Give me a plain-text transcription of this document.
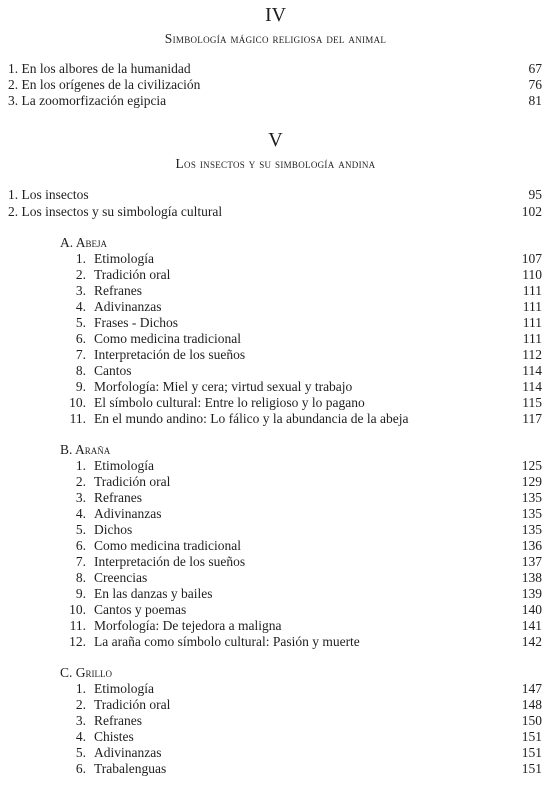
IV
Simbología mágico religiosa del animal
1. En los albores de la humanidad	67
2. En los orígenes de la civilización	76
3. La zoomorfización egipcia	81
V
Los insectos y su simbología andina
1. Los insectos	95
2. Los insectos y su simbología cultural	102
A. Abeja
1. Etimología	107
2. Tradición oral	110
3. Refranes	111
4. Adivinanzas	111
5. Frases - Dichos	111
6. Como medicina tradicional	111
7. Interpretación de los sueños	112
8. Cantos	114
9. Morfología: Miel y cera; virtud sexual y trabajo	114
10. El símbolo cultural: Entre lo religioso y lo pagano	115
11. En el mundo andino: Lo fálico y la abundancia de la abeja	117
B. Araña
1. Etimología	125
2. Tradición oral	129
3. Refranes	135
4. Adivinanzas	135
5. Dichos	135
6. Como medicina tradicional	136
7. Interpretación de los sueños	137
8. Creencias	138
9. En las danzas y bailes	139
10. Cantos y poemas	140
11. Morfología: De tejedora a maligna	141
12. La araña como símbolo cultural: Pasión y muerte	142
C. Grillo
1. Etimología	147
2. Tradición oral	148
3. Refranes	150
4. Chistes	151
5. Adivinanzas	151
6. Trabalenguas	151
